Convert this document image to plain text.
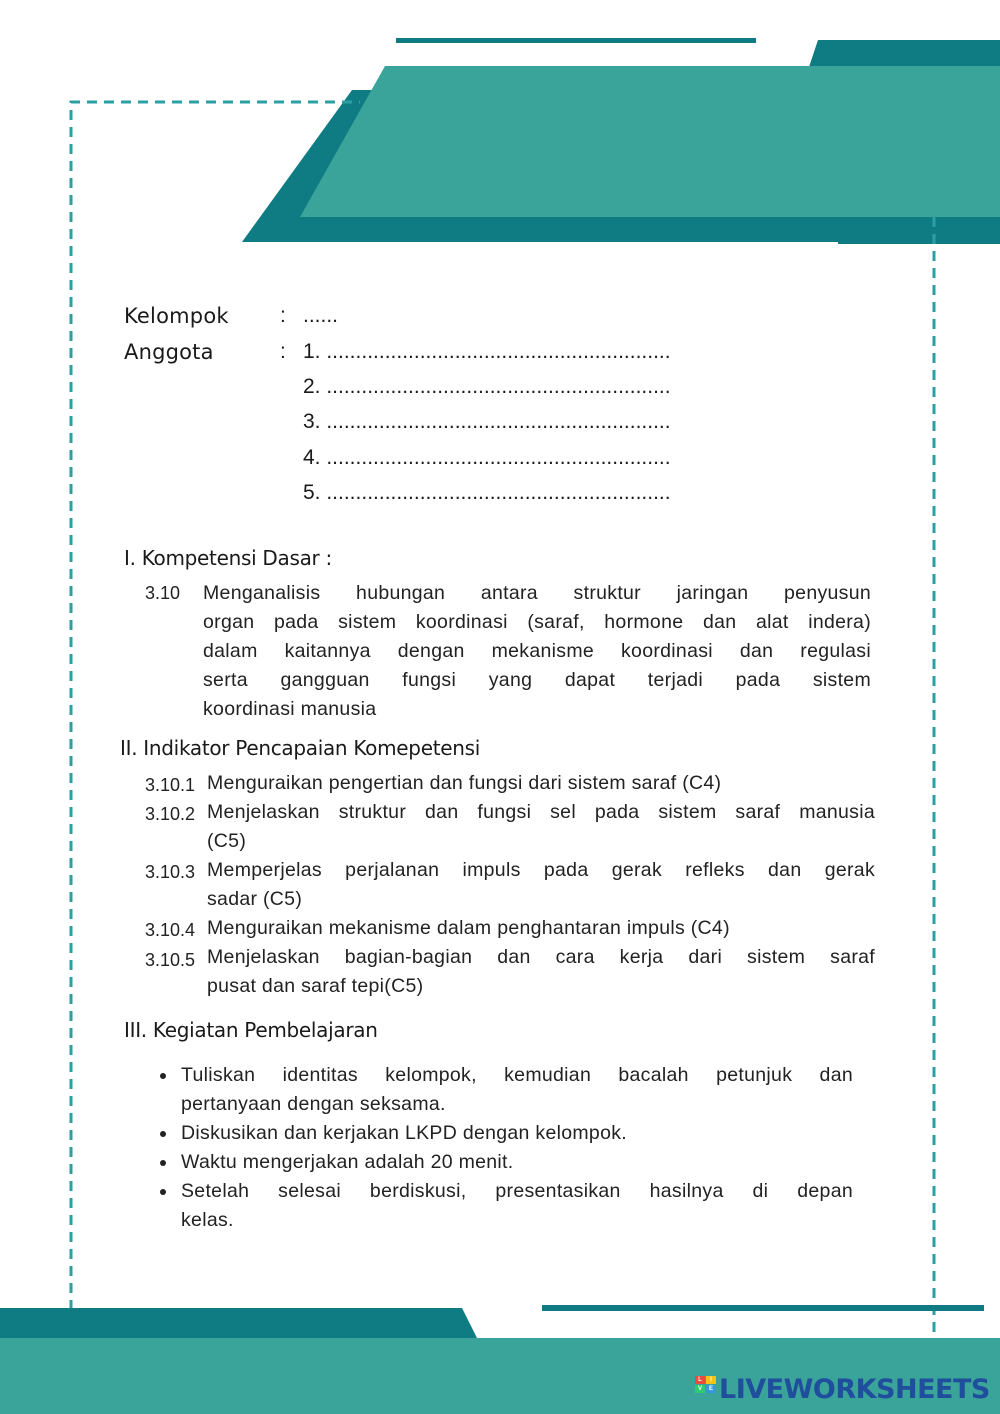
Kelompok : ......
Anggota	: 1. ...........................................................
2. ...........................................................
3. ...........................................................
4. ...........................................................
5. ...........................................................
I. Kompetensi Dasar :
3.10 Menganalisis hubungan antara struktur jaringan penyusun
organ pada sistem koordinasi (saraf, hormone dan alat indera)
dalam kaitannya dengan mekanisme koordinasi dan regulasi
serta gangguan fungsi yang dapat terjadi pada sistem
koordinasi manusia
II. Indikator Pencapaian Komepetensi
3.10.1 Menguraikan pengertian dan fungsi dari sistem saraf (C4)
3.10.2 Menjelaskan struktur dan fungsi sel pada sistem saraf manusia
(C5)
3.10.3 Memperjelas perjalanan impuls pada gerak refleks dan gerak
sadar (C5)
3.10.4 Menguraikan mekanisme dalam penghantaran impuls (C4)
3.10.5 Menjelaskan bagian-bagian dan cara kerja dari sistem saraf
pusat dan saraf tepi(C5)
III. Kegiatan Pembelajaran
Tuliskan identitas kelompok, kemudian bacalah petunjuk dan
pertanyaan dengan seksama.
Diskusikan dan kerjakan LKPD dengan kelompok.
Waktu mengerjakan adalah 20 menit.
Setelah selesai berdiskusi, presentasikan hasilnya di depan
kelas.
L	I
V	E LIVEWORKSHEETS
